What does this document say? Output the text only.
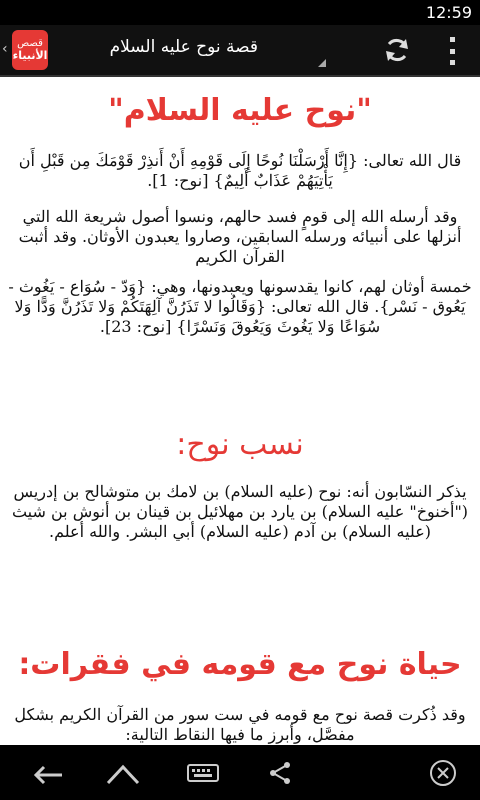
12:59
‹ قصص
الأنبياء	قصة نوح عليه السلام
"نوح عليه السلام"
قال الله تعالى: {إِنَّا أَرْسَلْنَا نُوحًا إِلَى قَوْمِهِ أَنْ أَنذِرْ قَوْمَكَ مِن قَبْلِ أَن يَأْتِيَهُمْ عَذَابٌ أَلِيمٌ} [نوح: 1].
وقد أرسله الله إلى قومٍ فسد حالهم، ونسوا أصول شريعة الله التي أنزلها على أنبيائه ورسله السابقين، وصاروا يعبدون الأوثان. وقد أثبت القرآن الكريم
خمسة أوثان لهم، كانوا يقدسونها ويعبدونها، وهي: {وَدّ - سُوَاع - يَغُوث - يَعُوق - نَسْر}. قال الله تعالى: {وَقَالُوا لا تَذَرُنَّ آلِهَتَكُمْ وَلا تَذَرُنَّ وَدًّا وَلا سُوَاعًا وَلا يَغُوثَ وَيَعُوقَ وَنَسْرًا} [نوح: 23].
نسب نوح:
يذكر النسّابون أنه: نوح (عليه السلام) بن لامك بن متوشالح بن إدريس ("أخنوخ" عليه السلام) بن يارد بن مهلائيل بن قينان بن أنوش بن شيث (عليه السلام) بن آدم (عليه السلام) أبي البشر. والله أعلم.
حياة نوح مع قومه في فقرات:
وقد ذُكرت قصة نوح مع قومه في ست سور من القرآن الكريم بشكل مفصَّل، وأبرز ما فيها النقاط التالية:
